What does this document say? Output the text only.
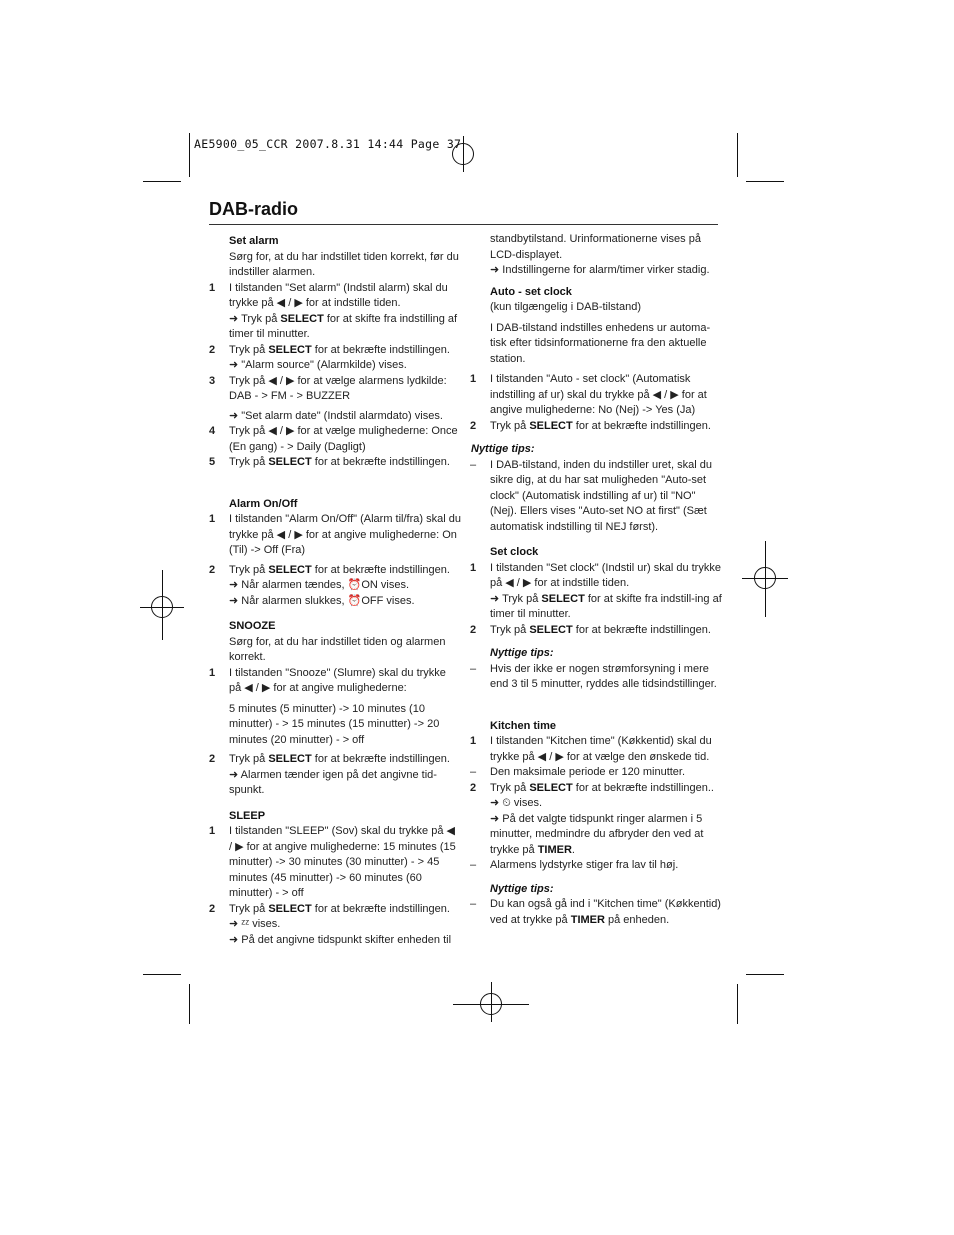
AE5900_05_CCR 2007.8.31 14:44 Page 37
DAB-radio
Set alarm
Sørg for, at du har indstillet tiden korrekt, før du indstiller alarmen.
1 I tilstanden "Set alarm" (Indstil alarm) skal du trykke på ◀ / ▶ for at indstille tiden.
➜ Tryk på SELECT for at skifte fra indstilling af timer til minutter.
2 Tryk på SELECT for at bekræfte indstillingen.
➜ "Alarm source" (Alarmkilde) vises.
3 Tryk på ◀ / ▶ for at vælge alarmens lydkilde: DAB - > FM - > BUZZER
➜ "Set alarm date" (Indstil alarmdato) vises.
4 Tryk på ◀ / ▶ for at vælge mulighederne: Once (En gang) - > Daily (Dagligt)
5 Tryk på SELECT for at bekræfte indstillingen.
Alarm On/Off
1 I tilstanden "Alarm On/Off" (Alarm til/fra) skal du trykke på ◀ / ▶ for at angive mulighederne: On (Til) -> Off (Fra)
2 Tryk på SELECT for at bekræfte indstillingen.
➜ Når alarmen tændes, ⏰ON vises.
➜ Når alarmen slukkes, ⏰OFF vises.
SNOOZE
Sørg for, at du har indstillet tiden og alarmen korrekt.
1 I tilstanden "Snooze" (Slumre) skal du trykke på ◀ / ▶ for at angive mulighederne:
5 minutes (5 minutter) -> 10 minutes (10 minutter) - > 15 minutes (15 minutter) -> 20 minutes (20 minutter) - > off
2 Tryk på SELECT for at bekræfte indstillingen.
➜ Alarmen tænder igen på det angivne tid-spunkt.
SLEEP
1 I tilstanden "SLEEP" (Sov) skal du trykke på ◀ / ▶ for at angive mulighederne: 15 minutes (15 minutter) -> 30 minutes (30 minutter) - > 45 minutes (45 minutter) -> 60 minutes (60 minutter) - > off
2 Tryk på SELECT for at bekræfte indstillingen.
➜ ᶻᶻ vises.
➜ På det angivne tidspunkt skifter enheden til
standbytilstand. Urinformationerne vises på LCD-displayet.
➜ Indstillingerne for alarm/timer virker stadig.
Auto - set clock
(kun tilgængelig i DAB-tilstand)
I DAB-tilstand indstilles enhedens ur automa-tisk efter tidsinformationerne fra den aktuelle station.
1 I tilstanden "Auto - set clock" (Automatisk indstilling af ur) skal du trykke på ◀ / ▶ for at angive mulighederne: No (Nej) -> Yes (Ja)
2 Tryk på SELECT for at bekræfte indstillingen.
Nyttige tips:
– I DAB-tilstand, inden du indstiller uret, skal du sikre dig, at du har sat muligheden "Auto-set clock" (Automatisk indstilling af ur) til "NO" (Nej). Ellers vises "Auto-set NO at first" (Sæt automatisk indstilling til NEJ først).
Set clock
1 I tilstanden "Set clock" (Indstil ur) skal du trykke på ◀ / ▶ for at indstille tiden.
➜ Tryk på SELECT for at skifte fra indstill-ing af timer til minutter.
2 Tryk på SELECT for at bekræfte indstillingen.
Nyttige tips:
– Hvis der ikke er nogen strømforsyning i mere end 3 til 5 minutter, ryddes alle tidsindstillinger.
Kitchen time
1 I tilstanden "Kitchen time" (Køkkentid) skal du trykke på ◀ / ▶ for at vælge den ønskede tid.
– Den maksimale periode er 120 minutter.
2 Tryk på SELECT for at bekræfte indstillingen..
➜ ⏲ vises.
➜ På det valgte tidspunkt ringer alarmen i 5 minutter, medmindre du afbryder den ved at trykke på TIMER.
– Alarmens lydstyrke stiger fra lav til høj.
Nyttige tips:
– Du kan også gå ind i "Kitchen time" (Køkkentid) ved at trykke på TIMER på enheden.
